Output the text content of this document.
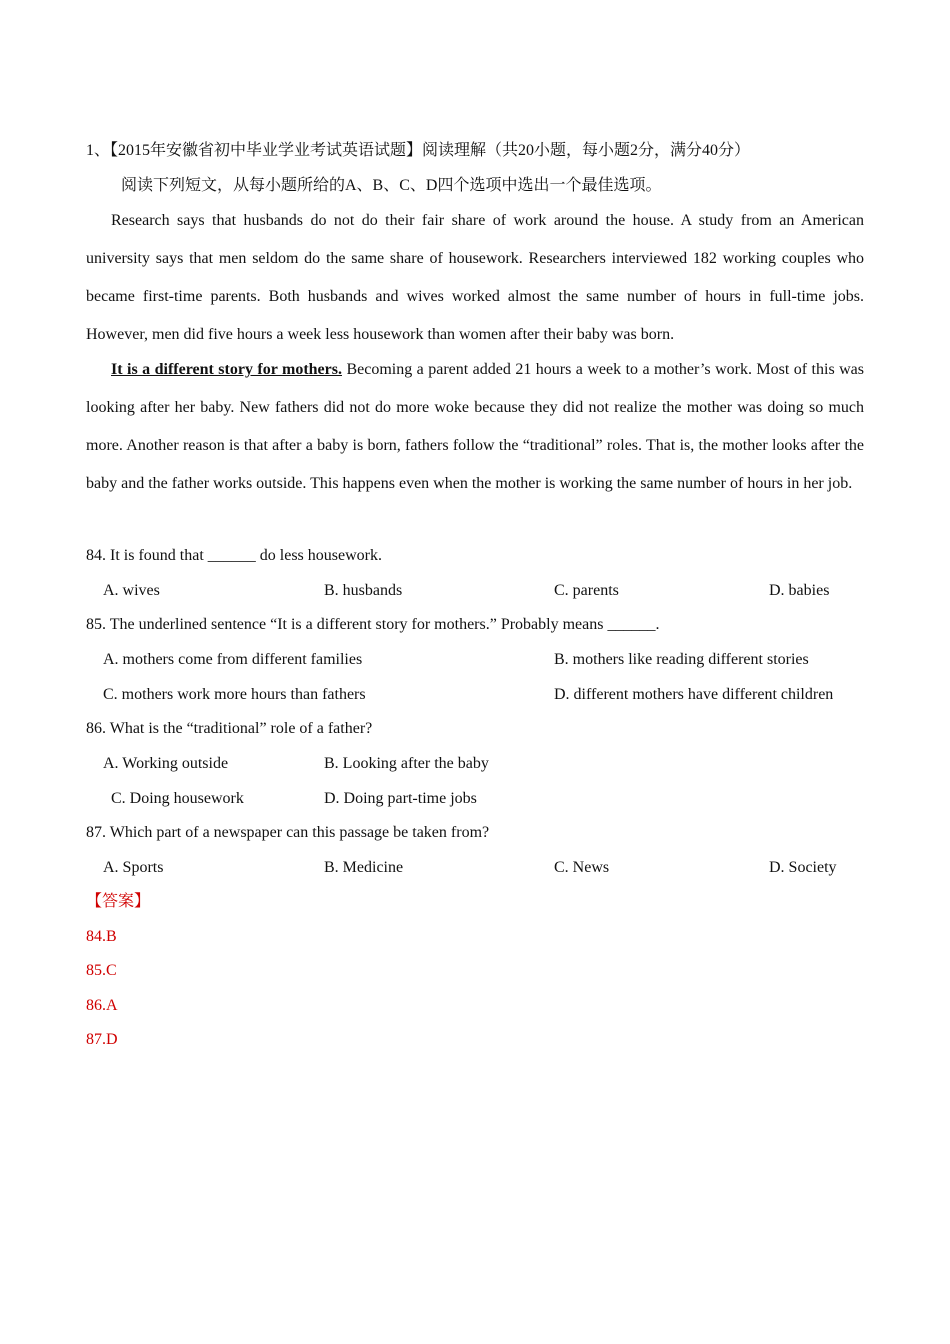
1、【2015年安徽省初中毕业学业考试英语试题】阅读理解（共20小题，每小题2分，满分40分）
阅读下列短文，从每小题所给的A、B、C、D四个选项中选出一个最佳选项。
Research says that husbands do not do their fair share of work around the house. A study from an American university says that men seldom do the same share of housework. Researchers interviewed 182 working couples who became first-time parents. Both husbands and wives worked almost the same number of hours in full-time jobs. However, men did five hours a week less housework than women after their baby was born.
It is a different story for mothers. Becoming a parent added 21 hours a week to a mother’s work. Most of this was looking after her baby. New fathers did not do more woke because they did not realize the mother was doing so much more. Another reason is that after a baby is born, fathers follow the “traditional” roles. That is, the mother looks after the baby and the father works outside. This happens even when the mother is working the same number of hours in her job.
84. It is found that ______ do less housework.
A. wives	B. husbands	C. parents	D. babies
85. The underlined sentence “It is a different story for mothers.” Probably means ______.
A. mothers come from different families	B. mothers like reading different stories
C. mothers work more hours than fathers	D. different mothers have different children
86. What is the “traditional” role of a father?
A. Working outside	B. Looking after the baby
C. Doing housework	D. Doing part-time jobs
87. Which part of a newspaper can this passage be taken from?
A. Sports	B. Medicine	C. News	D. Society
【答案】
84.B
85.C
86.A
87.D
